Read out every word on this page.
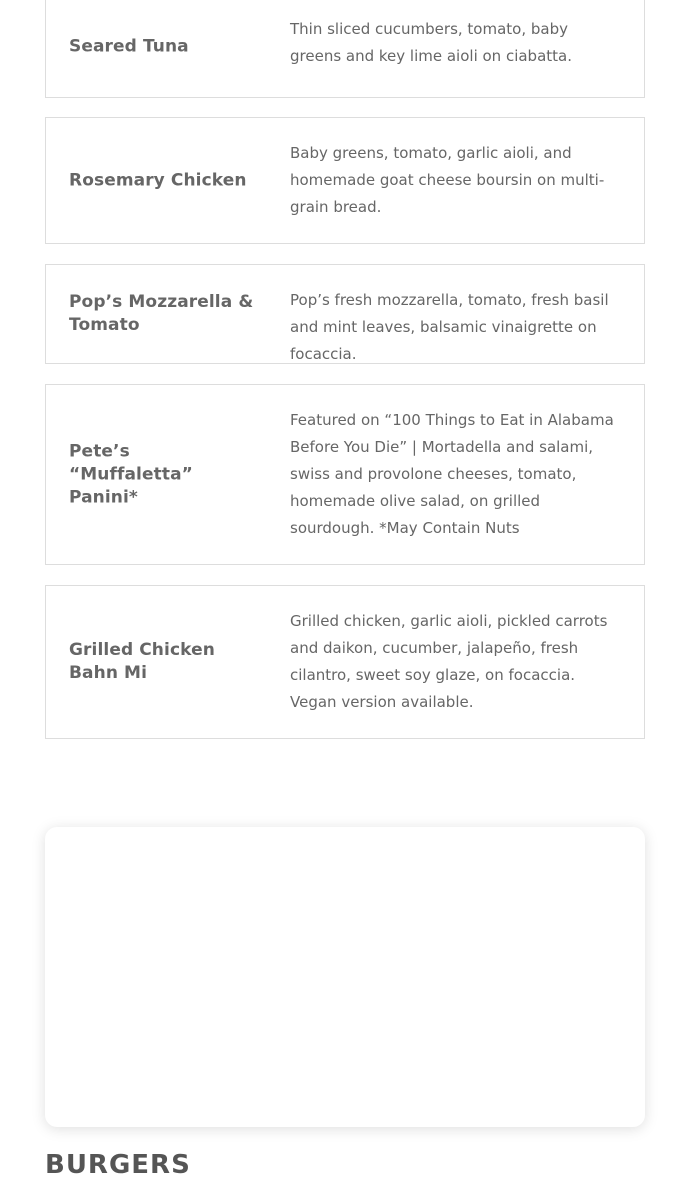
Seared Tuna
Thin sliced cucumbers, tomato, baby greens and key lime aioli on ciabatta.
Rosemary Chicken
Baby greens, tomato, garlic aioli, and homemade goat cheese boursin on multi-grain bread.
Pop’s Mozzarella & Tomato
Pop’s fresh mozzarella, tomato, fresh basil and mint leaves, balsamic vinaigrette on focaccia.
Pete’s “Muffaletta” Panini*
Featured on “100 Things to Eat in Alabama Before You Die” | Mortadella and salami, swiss and provolone cheeses, tomato, homemade olive salad, on grilled sourdough. *May Contain Nuts
Grilled Chicken Bahn Mi
Grilled chicken, garlic aioli, pickled carrots and daikon, cucumber, jalapeño, fresh cilantro, sweet soy glaze, on focaccia. Vegan version available.
BURGERS
